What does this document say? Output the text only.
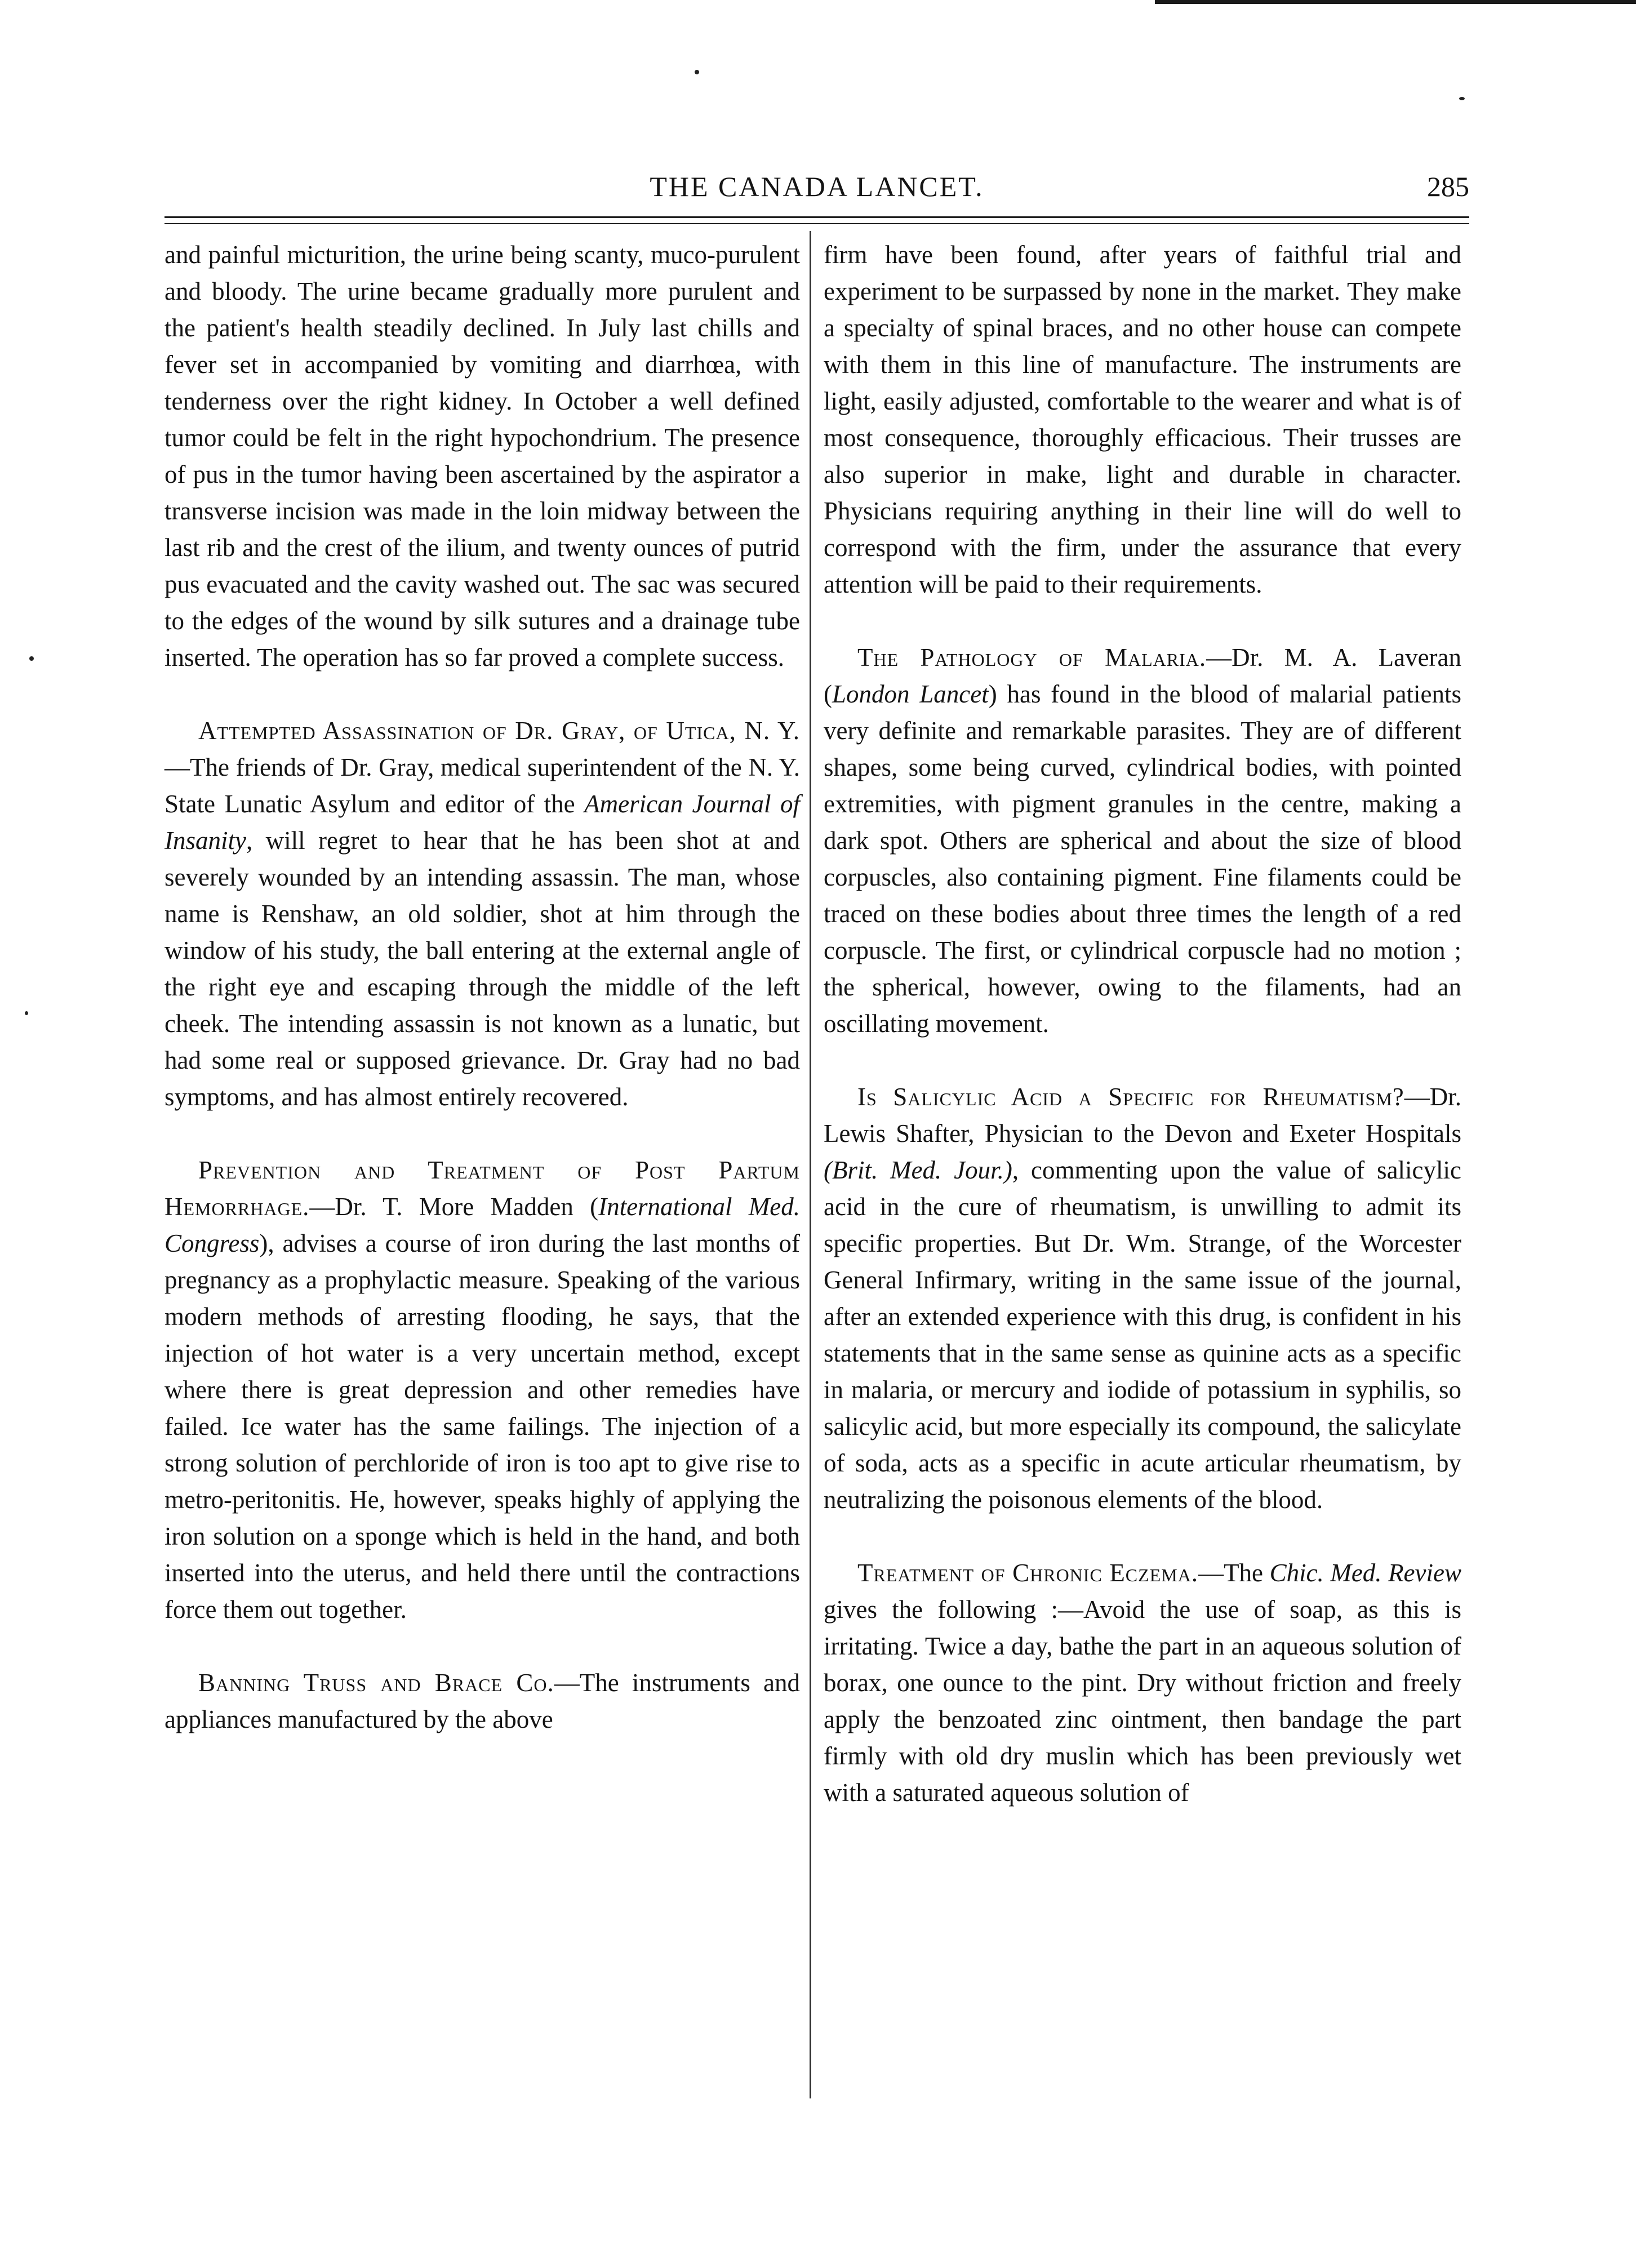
THE CANADA LANCET.	285

and painful micturition, the urine being scanty, muco-purulent and bloody. The urine became gradually more purulent and the patient's health steadily declined. In July last chills and fever set in accompanied by vomiting and diarrhœa, with tenderness over the right kidney. In October a well defined tumor could be felt in the right hypochondrium. The presence of pus in the tumor having been ascertained by the aspirator a transverse incision was made in the loin midway between the last rib and the crest of the ilium, and twenty ounces of putrid pus evacuated and the cavity washed out. The sac was secured to the edges of the wound by silk sutures and a drainage tube inserted. The operation has so far proved a complete success.

Attempted Assassination of Dr. Gray, of Utica, N. Y.—The friends of Dr. Gray, medical superintendent of the N. Y. State Lunatic Asylum and editor of the American Journal of Insanity, will regret to hear that he has been shot at and severely wounded by an intending assassin. The man, whose name is Renshaw, an old soldier, shot at him through the window of his study, the ball entering at the external angle of the right eye and escaping through the middle of the left cheek. The intending assassin is not known as a lunatic, but had some real or supposed grievance. Dr. Gray had no bad symptoms, and has almost entirely recovered.

Prevention and Treatment of Post Partum Hemorrhage.—Dr. T. More Madden (International Med. Congress), advises a course of iron during the last months of pregnancy as a prophylactic measure. Speaking of the various modern methods of arresting flooding, he says, that the injection of hot water is a very uncertain method, except where there is great depression and other remedies have failed. Ice water has the same failings. The injection of a strong solution of perchloride of iron is too apt to give rise to metro-peritonitis. He, however, speaks highly of applying the iron solution on a sponge which is held in the hand, and both inserted into the uterus, and held there until the contractions force them out together.

Banning Truss and Brace Co.—The instruments and appliances manufactured by the above

firm have been found, after years of faithful trial and experiment to be surpassed by none in the market. They make a specialty of spinal braces, and no other house can compete with them in this line of manufacture. The instruments are light, easily adjusted, comfortable to the wearer and what is of most consequence, thoroughly efficacious. Their trusses are also superior in make, light and durable in character. Physicians requiring anything in their line will do well to correspond with the firm, under the assurance that every attention will be paid to their requirements.

The Pathology of Malaria.—Dr. M. A. Laveran (London Lancet) has found in the blood of malarial patients very definite and remarkable parasites. They are of different shapes, some being curved, cylindrical bodies, with pointed extremities, with pigment granules in the centre, making a dark spot. Others are spherical and about the size of blood corpuscles, also containing pigment. Fine filaments could be traced on these bodies about three times the length of a red corpuscle. The first, or cylindrical corpuscle had no motion ; the spherical, however, owing to the filaments, had an oscillating movement.

Is Salicylic Acid a Specific for Rheumatism?—Dr. Lewis Shafter, Physician to the Devon and Exeter Hospitals (Brit. Med. Jour.), commenting upon the value of salicylic acid in the cure of rheumatism, is unwilling to admit its specific properties. But Dr. Wm. Strange, of the Worcester General Infirmary, writing in the same issue of the journal, after an extended experience with this drug, is confident in his statements that in the same sense as quinine acts as a specific in malaria, or mercury and iodide of potassium in syphilis, so salicylic acid, but more especially its compound, the salicylate of soda, acts as a specific in acute articular rheumatism, by neutralizing the poisonous elements of the blood.

Treatment of Chronic Eczema.—The Chic. Med. Review gives the following :—Avoid the use of soap, as this is irritating. Twice a day, bathe the part in an aqueous solution of borax, one ounce to the pint. Dry without friction and freely apply the benzoated zinc ointment, then bandage the part firmly with old dry muslin which has been previously wet with a saturated aqueous solution of
